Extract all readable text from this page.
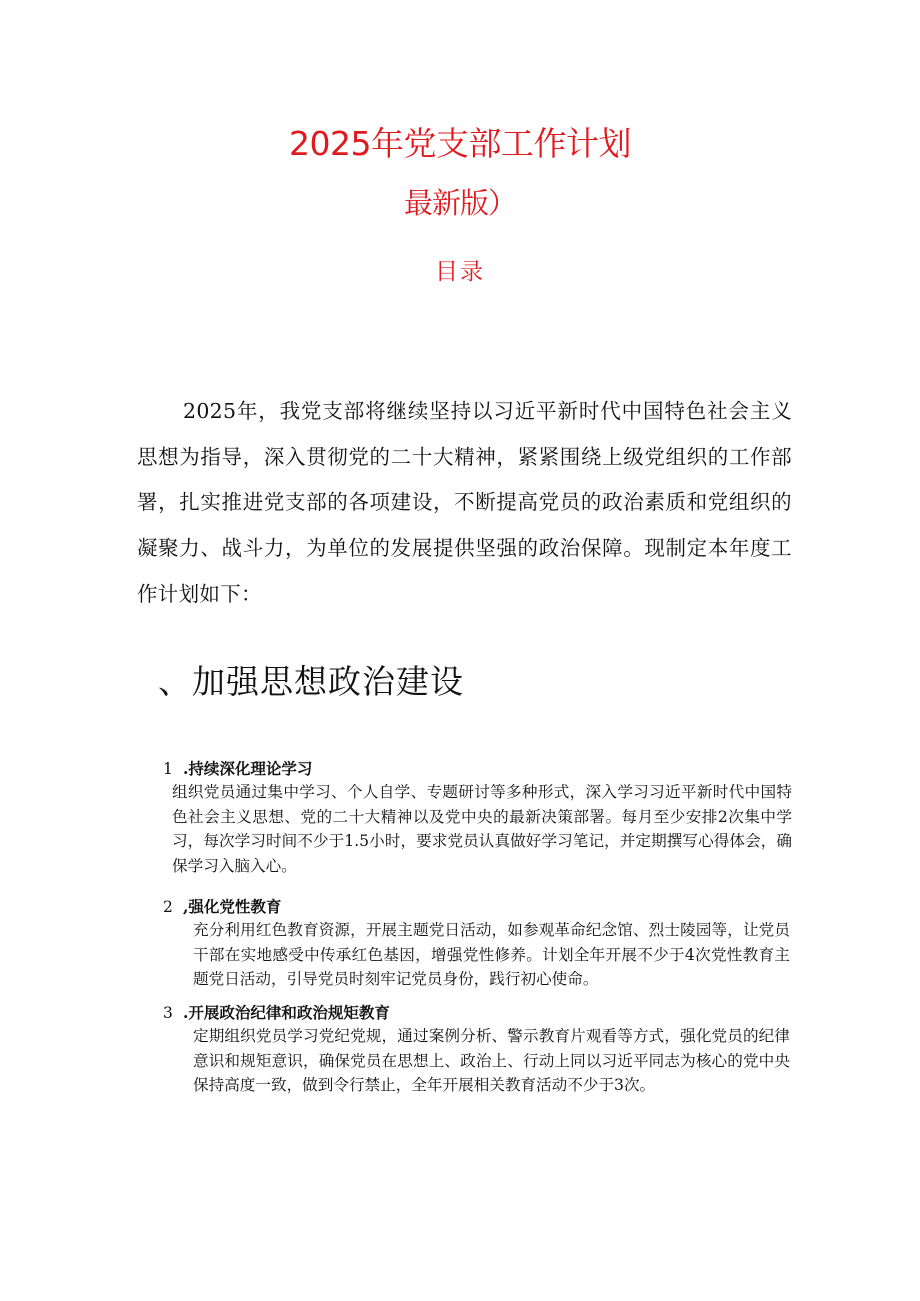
2025年党支部工作计划
最新版）
目录

2025年，我党支部将继续坚持以习近平新时代中国特色社会主义思想为指导，深入贯彻党的二十大精神，紧紧围绕上级党组织的工作部署，扎实推进党支部的各项建设，不断提高党员的政治素质和党组织的凝聚力、战斗力，为单位的发展提供坚强的政治保障。现制定本年度工作计划如下：

、加强思想政治建设
1 .持续深化理论学习

组织党员通过集中学习、个人自学、专题研讨等多种形式，深入学习习近平新时代中国特色社会主义思想、党的二十大精神以及党中央的最新决策部署。每月至少安排2次集中学习，每次学习时间不少于1.5小时，要求党员认真做好学习笔记，并定期撰写心得体会，确保学习入脑入心。

2 ,强化党性教育

充分利用红色教育资源，开展主题党日活动，如参观革命纪念馆、烈士陵园等，让党员干部在实地感受中传承红色基因，增强党性修养。计划全年开展不少于4次党性教育主题党日活动，引导党员时刻牢记党员身份，践行初心使命。

3 .开展政治纪律和政治规矩教育

定期组织党员学习党纪党规，通过案例分析、警示教育片观看等方式，强化党员的纪律意识和规矩意识，确保党员在思想上、政治上、行动上同以习近平同志为核心的党中央保持高度一致，做到令行禁止，全年开展相关教育活动不少于3次。
